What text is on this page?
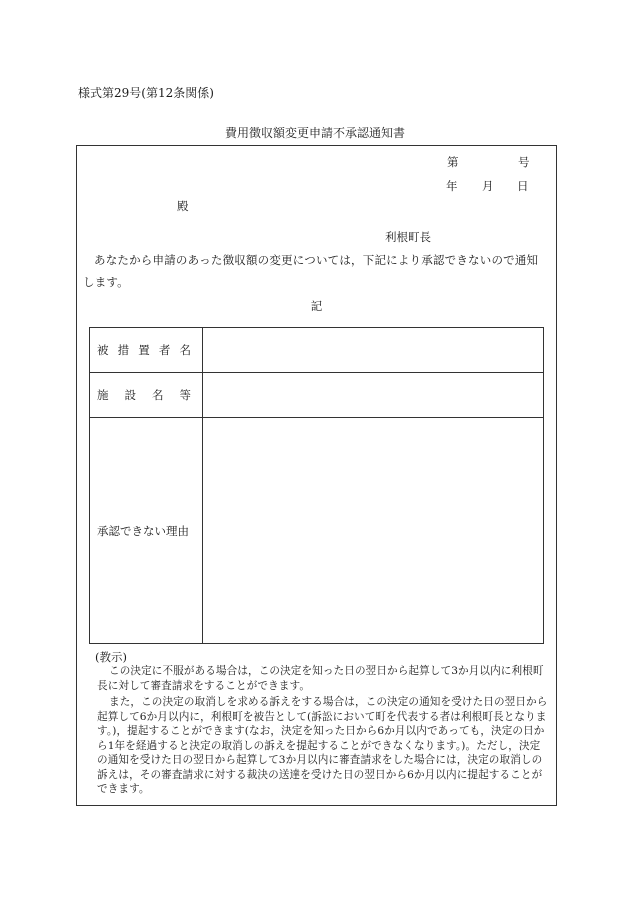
様式第29号(第12条関係)
費用徴収額変更申請不承認通知書
第	号
年 月 日
殿
利根町長
あなたから申請のあった徴収額の変更については，下記により承認できないので通知します。
記
被措置者名	
施設名等	
承認できない理由	
(教示)

この決定に不服がある場合は，この決定を知った日の翌日から起算して3か月以内に利根町長に対して審査請求をすることができます。

また，この決定の取消しを求める訴えをする場合は，この決定の通知を受けた日の翌日から起算して6か月以内に，利根町を被告として(訴訟において町を代表する者は利根町長となります。)，提起することができます(なお，決定を知った日から6か月以内であっても，決定の日から1年を経過すると決定の取消しの訴えを提起することができなくなります。)。ただし，決定の通知を受けた日の翌日から起算して3か月以内に審査請求をした場合には，決定の取消しの訴えは，その審査請求に対する裁決の送達を受けた日の翌日から6か月以内に提起することができます。
